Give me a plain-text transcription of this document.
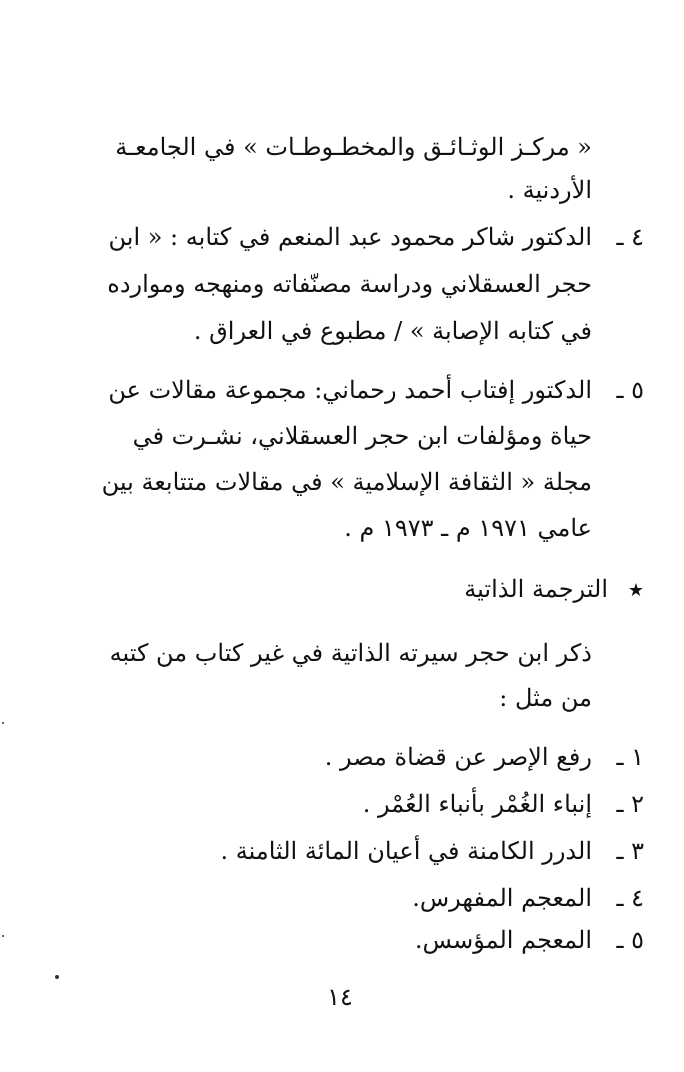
« مركـز الوثـائـق والمخطـوطـات » في الجامعـة
الأردنية .
٤ ـ
الدكتور شاكر محمود عبد المنعم في كتابه : « ابن
حجر العسقلاني ودراسة مصنّفاته ومنهجه وموارده
في كتابه الإصابة » / مطبوع في العراق .
٥ ـ
الدكتور إفتاب أحمد رحماني: مجموعة مقالات عن
حياة ومؤلفات ابن حجر العسقلاني، نشـرت في
مجلة « الثقافة الإسلامية » في مقالات متتابعة بين
عامي ١٩٧١ م ـ ١٩٧٣ م .
★
الترجمة الذاتية
ذكر ابن حجر سيرته الذاتية في غير كتاب من كتبه
من مثل :
١ ـ
رفع الإصر عن قضاة مصر .
٢ ـ
إنباء الغُمْر بأنباء العُمْر .
٣ ـ
الدرر الكامنة في أعيان المائة الثامنة .
٤ ـ
المعجم المفهرس.
٥ ـ
المعجم المؤسس.
١٤
